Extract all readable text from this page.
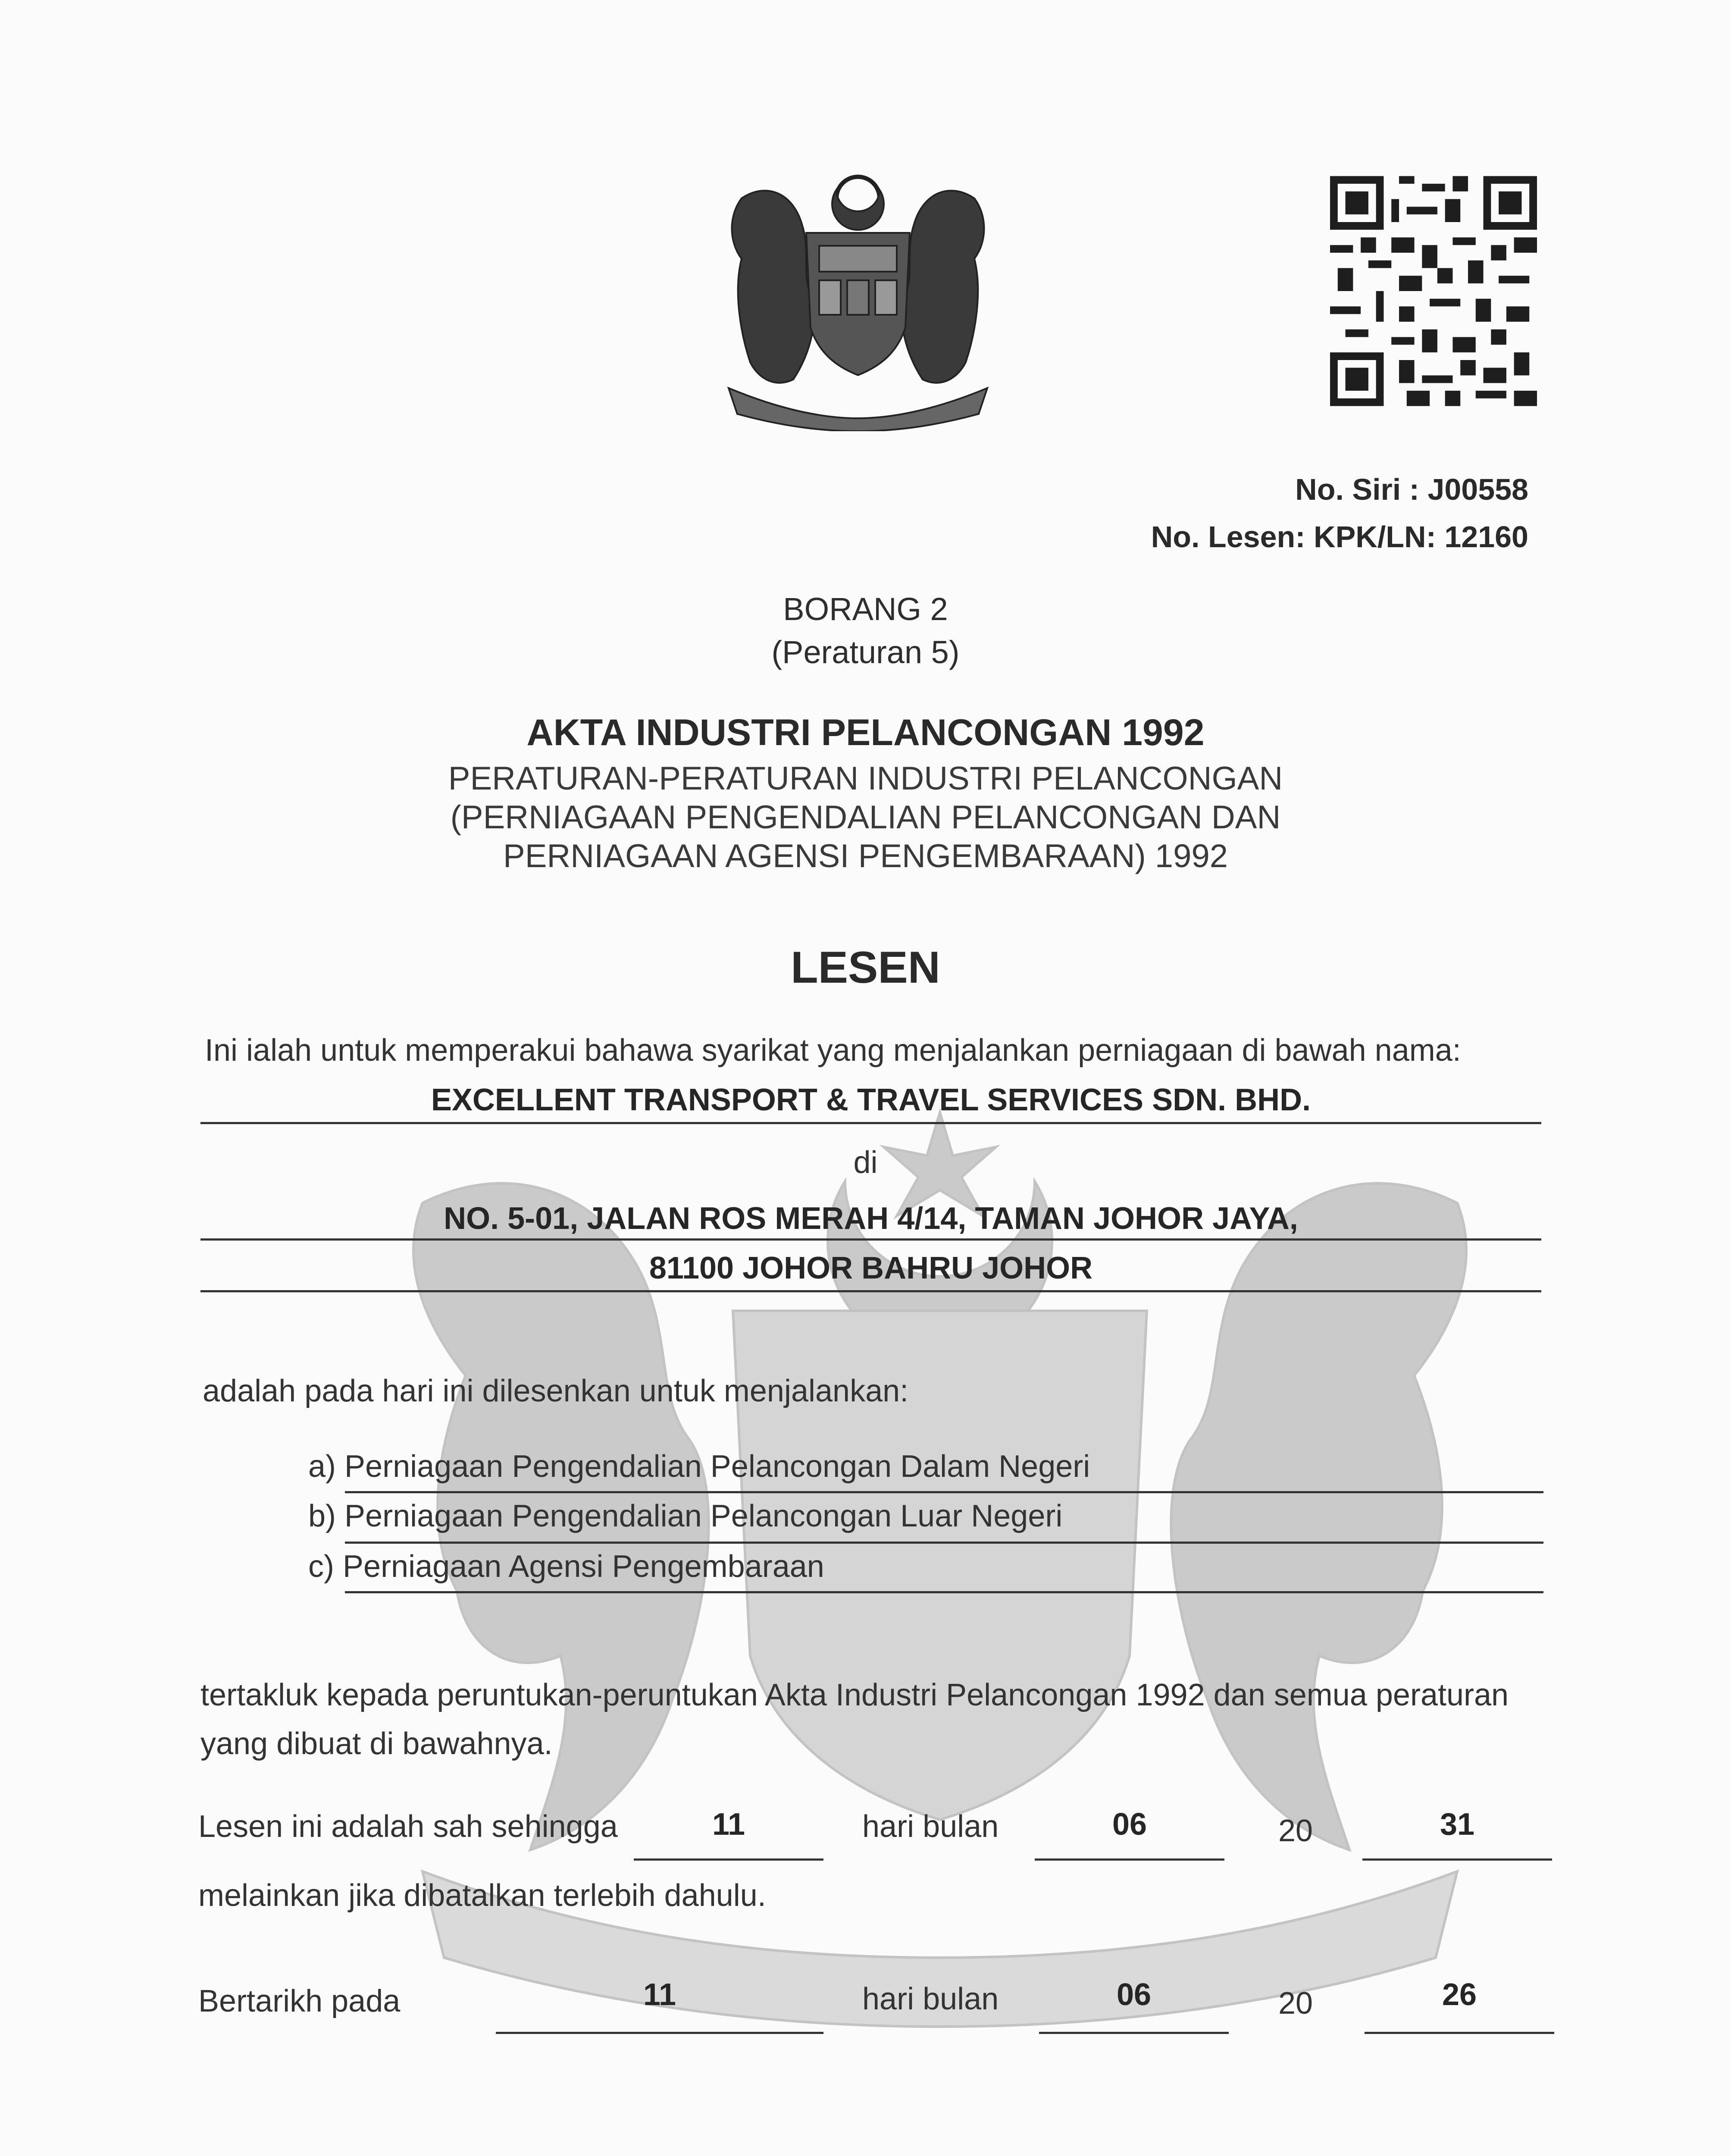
No. Siri : J00558
No. Lesen: KPK/LN: 12160
BORANG 2
(Peraturan 5)
AKTA INDUSTRI PELANCONGAN 1992
PERATURAN-PERATURAN INDUSTRI PELANCONGAN
(PERNIAGAAN PENGENDALIAN PELANCONGAN DAN
PERNIAGAAN AGENSI PENGEMBARAAN) 1992
LESEN
Ini ialah untuk memperakui bahawa syarikat yang menjalankan perniagaan di bawah nama:
EXCELLENT TRANSPORT & TRAVEL SERVICES SDN. BHD.
di
NO. 5-01, JALAN ROS MERAH 4/14, TAMAN JOHOR JAYA,
81100 JOHOR BAHRU JOHOR
adalah pada hari ini dilesenkan untuk menjalankan:
a) Perniagaan Pengendalian Pelancongan Dalam Negeri
b) Perniagaan Pengendalian Pelancongan Luar Negeri
c) Perniagaan Agensi Pengembaraan
tertakluk kepada peruntukan-peruntukan Akta Industri Pelancongan 1992 dan semua peraturan
yang dibuat di bawahnya.
Lesen ini adalah sah sehingga	11	hari bulan	06	20	31
melainkan jika dibatalkan terlebih dahulu.
Bertarikh pada	11	hari bulan	06	20	26
